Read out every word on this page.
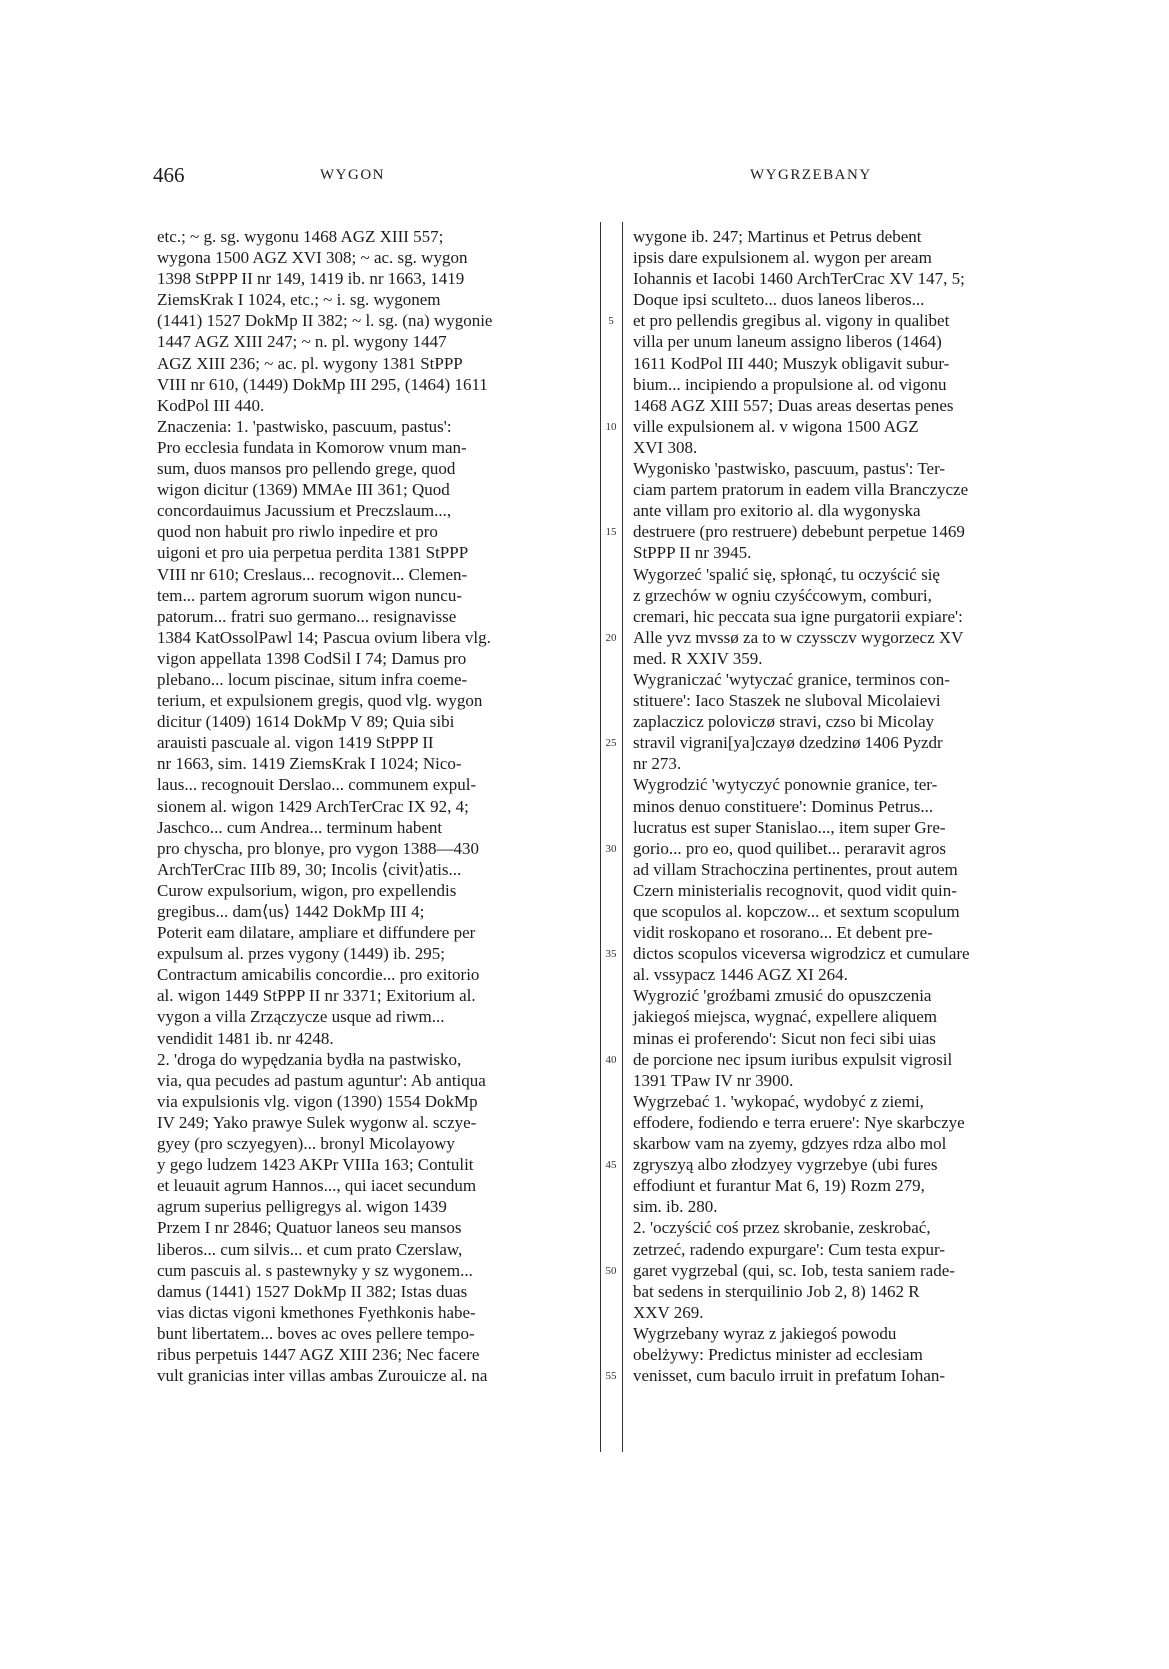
466	WYGON	WYGRZEBANY
etc.; ~ g. sg. wygonu 1468 AGZ XIII 557;
wygona 1500 AGZ XVI 308; ~ ac. sg. wygon
1398 StPPP II nr 149, 1419 ib. nr 1663, 1419
ZiemsKrak I 1024, etc.; ~ i. sg. wygonem
(1441) 1527 DokMp II 382; ~ l. sg. (na) wygonie
1447 AGZ XIII 247; ~ n. pl. wygony 1447
AGZ XIII 236; ~ ac. pl. wygony 1381 StPPP
VIII nr 610, (1449) DokMp III 295, (1464) 1611
KodPol III 440.
Znaczenia: 1. 'pastwisko, pascuum, pastus':
Pro ecclesia fundata in Komorow vnum man-
sum, duos mansos pro pellendo grege, quod
wigon dicitur (1369) MMAe III 361; Quod
concordauimus Jacussium et Preczslaum...,
quod non habuit pro riwlo inpedire et pro
uigoni et pro uia perpetua perdita 1381 StPPP
VIII nr 610; Creslaus... recognovit... Clemen-
tem... partem agrorum suorum wigon nuncu-
patorum... fratri suo germano... resignavisse
1384 KatOssolPawl 14; Pascua ovium libera vlg.
vigon appellata 1398 CodSil I 74; Damus pro
plebano... locum piscinae, situm infra coeme-
terium, et expulsionem gregis, quod vlg. wygon
dicitur (1409) 1614 DokMp V 89; Quia sibi
arauisti pascuale al. vigon 1419 StPPP II
nr 1663, sim. 1419 ZiemsKrak I 1024; Nico-
laus... recognouit Derslao... communem expul-
sionem al. wigon 1429 ArchTerCrac IX 92, 4;
Jaschco... cum Andrea... terminum habent
pro chyscha, pro blonye, pro vygon 1388—430
ArchTerCrac IIIb 89, 30; Incolis ⟨civit⟩atis...
Curow expulsorium, wigon, pro expellendis
gregibus... dam⟨us⟩ 1442 DokMp III 4;
Poterit eam dilatare, ampliare et diffundere per
expulsum al. przes vygony (1449) ib. 295;
Contractum amicabilis concordie... pro exitorio
al. wigon 1449 StPPP II nr 3371; Exitorium al.
vygon a villa Zrzączycze usque ad riwm...
vendidit 1481 ib. nr 4248.
2. 'droga do wypędzania bydła na pastwisko,
via, qua pecudes ad pastum aguntur': Ab antiqua
via expulsionis vlg. vigon (1390) 1554 DokMp
IV 249; Yako prawye Sulek wygonw al. sczye-
gyey (pro sczyegyen)... bronyl Micolayowy
y gego ludzem 1423 AKPr VIIIa 163; Contulit
et leuauit agrum Hannos..., qui iacet secundum
agrum superius pelligregys al. wigon 1439
Przem I nr 2846; Quatuor laneos seu mansos
liberos... cum silvis... et cum prato Czerslaw,
cum pascuis al. s pastewnyky y sz wygonem...
damus (1441) 1527 DokMp II 382; Istas duas
vias dictas vigoni kmethones Fyethkonis habe-
bunt libertatem... boves ac oves pellere tempo-
ribus perpetuis 1447 AGZ XIII 236; Nec facere
vult granicias inter villas ambas Zurouicze al. na
5
10
15
20
25
30
35
40
45
50
55
wygone ib. 247; Martinus et Petrus debent
ipsis dare expulsionem al. wygon per aream
Iohannis et Iacobi 1460 ArchTerCrac XV 147, 5;
Doque ipsi sculteto... duos laneos liberos...
et pro pellendis gregibus al. vigony in qualibet
villa per unum laneum assigno liberos (1464)
1611 KodPol III 440; Muszyk obligavit subur-
bium... incipiendo a propulsione al. od vigonu
1468 AGZ XIII 557; Duas areas desertas penes
ville expulsionem al. v wigona 1500 AGZ
XVI 308.
Wygonisko 'pastwisko, pascuum, pastus': Ter-
ciam partem pratorum in eadem villa Branczycze
ante villam pro exitorio al. dla wygonyska
destruere (pro restruere) debebunt perpetue 1469
StPPP II nr 3945.
Wygorzeć 'spalić się, spłonąć, tu oczyścić się
z grzechów w ogniu czyśćcowym, comburi,
cremari, hic peccata sua igne purgatorii expiare':
Alle yvz mvssø za to w czyssczv wygorzecz XV
med. R XXIV 359.
Wygraniczać 'wytyczać granice, terminos con-
stituere': Iaco Staszek ne sluboval Micolaievi
zaplaczicz poloviczø stravi, czso bi Micolay
stravil vigrani[ya]czayø dzedzinø 1406 Pyzdr
nr 273.
Wygrodzić 'wytyczyć ponownie granice, ter-
minos denuo constituere': Dominus Petrus...
lucratus est super Stanislao..., item super Gre-
gorio... pro eo, quod quilibet... peraravit agros
ad villam Strachoczina pertinentes, prout autem
Czern ministerialis recognovit, quod vidit quin-
que scopulos al. kopczow... et sextum scopulum
vidit roskopano et rosorano... Et debent pre-
dictos scopulos viceversa wigrodzicz et cumulare
al. vssypacz 1446 AGZ XI 264.
Wygrozić 'groźbami zmusić do opuszczenia
jakiegoś miejsca, wygnać, expellere aliquem
minas ei proferendo': Sicut non feci sibi uias
de porcione nec ipsum iuribus expulsit vigrosil
1391 TPaw IV nr 3900.
Wygrzebać 1. 'wykopać, wydobyć z ziemi,
effodere, fodiendo e terra eruere': Nye skarbczye
skarbow vam na zyemy, gdzyes rdza albo mol
zgryszyą albo złodzyey vygrzebye (ubi fures
effodiunt et furantur Mat 6, 19) Rozm 279,
sim. ib. 280.
2. 'oczyścić coś przez skrobanie, zeskrobać,
zetrzeć, radendo expurgare': Cum testa expur-
garet vygrzebal (qui, sc. Iob, testa saniem rade-
bat sedens in sterquilinio Job 2, 8) 1462 R
XXV 269.
Wygrzebany wyraz z jakiegoś powodu
obelżywy: Predictus minister ad ecclesiam
venisset, cum baculo irruit in prefatum Iohan-
